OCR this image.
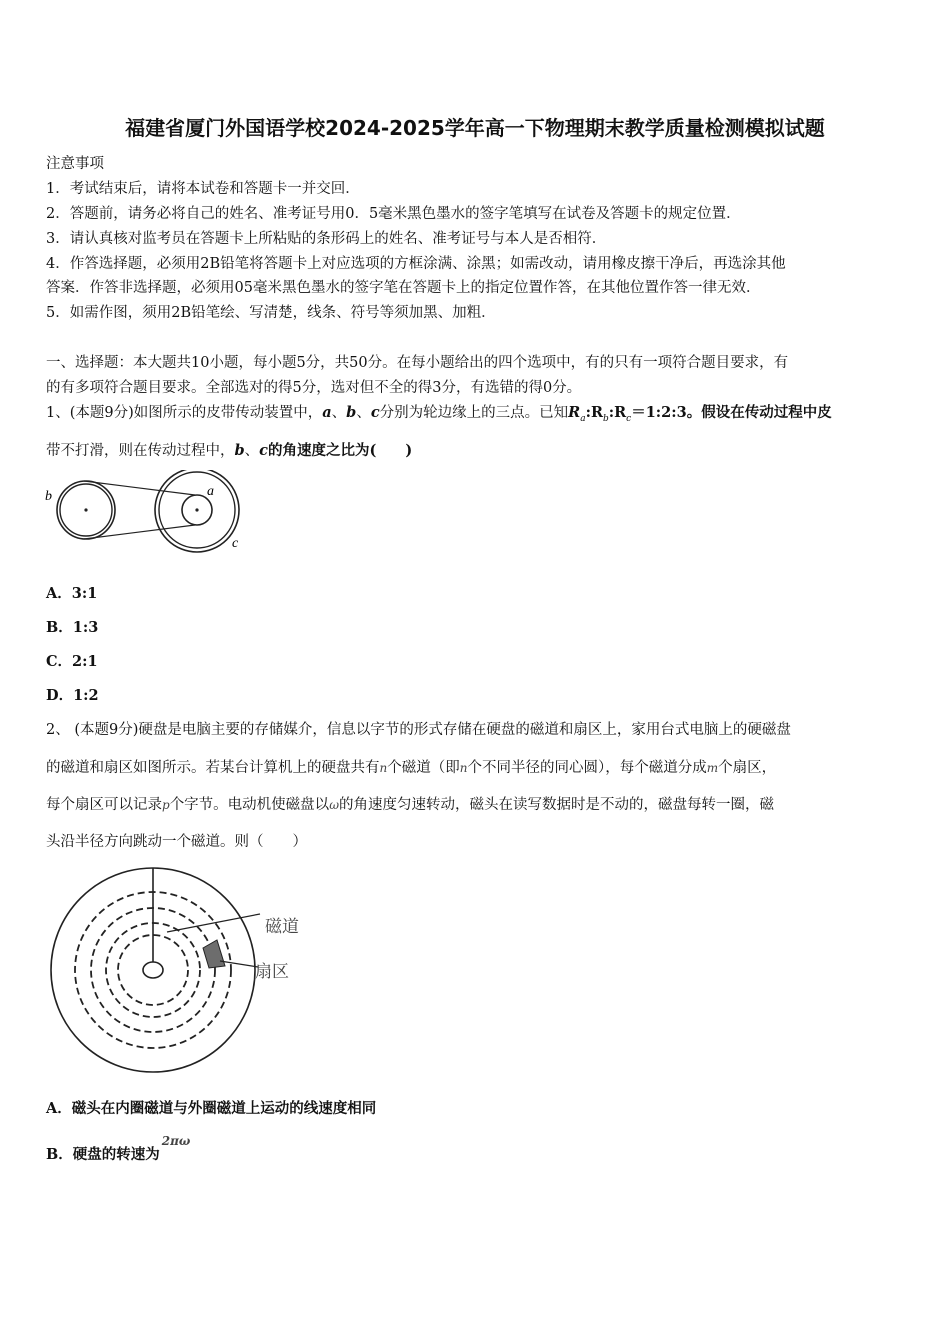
福建省厦门外国语学校2024-2025学年高一下物理期末教学质量检测模拟试题
注意事项
1．考试结束后，请将本试卷和答题卡一并交回．
2．答题前，请务必将自己的姓名、准考证号用0．5毫米黑色墨水的签字笔填写在试卷及答题卡的规定位置．
3．请认真核对监考员在答题卡上所粘贴的条形码上的姓名、准考证号与本人是否相符．
4．作答选择题，必须用2B铅笔将答题卡上对应选项的方框涂满、涂黑；如需改动，请用橡皮擦干净后，再选涂其他
答案．作答非选择题，必须用05毫米黑色墨水的签字笔在答题卡上的指定位置作答，在其他位置作答一律无效．
5．如需作图，须用2B铅笔绘、写清楚，线条、符号等须加黑、加粗．
一、选择题：本大题共10小题，每小题5分，共50分。在每小题给出的四个选项中，有的只有一项符合题目要求，有
的有多项符合题目要求。全部选对的得5分，选对但不全的得3分，有选错的得0分。
1、(本题9分)如图所示的皮带传动装置中，a、b、c分别为轮边缘上的三点。已知$R_a:R_b:R_c=1:2:3$。假设在传动过程中皮
带不打滑，则在传动过程中，b、c的角速度之比为(　　)
b	a
c
A．3:1
B．1:3
C．2:1
D．1:2
2、 (本题9分)硬盘是电脑主要的存储媒介，信息以字节的形式存储在硬盘的磁道和扇区上，家用台式电脑上的硬磁盘
的磁道和扇区如图所示。若某台计算机上的硬盘共有n个磁道（即n个不同半径的同心圆），每个磁道分成m个扇区，
每个扇区可以记录p个字节。电动机使磁盘以ω的角速度匀速转动，磁头在读写数据时是不动的，磁盘每转一圈，磁
头沿半径方向跳动一个磁道。则（　　）
磁道
扇区
A．磁头在内圈磁道与外圈磁道上运动的线速度相同
B．硬盘的转速为$^{2\pi\omega}$
